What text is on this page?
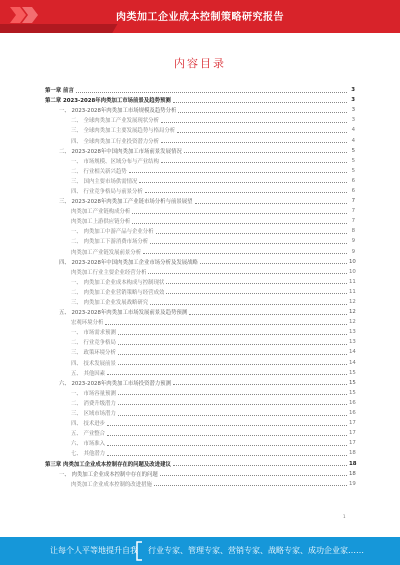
肉类加工企业成本控制策略研究报告
内容目录
第一章 前言	3
第二章 2023-2028年肉类加工市场前景及趋势预测	3
一、 2023-2028年肉类加工市场规模及趋势分析	3
二、 全球肉类加工产业发展现状分析	3
三、 全球肉类加工主要发展趋势与格局分析	4
四、 全球肉类加工行业投资潜力分析	4
二、 2023-2028年中国肉类加工市场前景发展情况	5
一、 市场规模、区域分布与产业结构	5
二、 行业相关新兴趋势	5
三、 国内主要市场供需情况	6
四、 行业竞争格局与前景分析	6
三、 2023-2028年肉类加工产业链市场分析与前景展望	7
肉类加工产业链构成分析	7
肉类加工上游供应链分析	7
一、 肉类加工中游产品与企业分析	8
二、 肉类加工下游消费市场分析	9
肉类加工产业链发展前景分析	9
四、 2023-2028年中国肉类加工企业市场分析及发展战略	10
肉类加工行业主要企业经营分析	10
一、 肉类加工企业成本构成与控制现状	11
二、 肉类加工企业营销策略与经营成效	11
三、 肉类加工企业发展战略研究	12
五、 2023-2028年肉类加工市场发展前景及趋势预测	12
宏观环境分析	12
一、 市场需求预测	13
二、 行业竞争格局	13
三、 政策环境分析	14
四、 技术发展前景	14
五、 其他因素	15
六、 2023-2028年肉类加工市场投资潜力预测	15
一、 市场容量预测	15
二、 消费升级潜力	16
三、 区域市场潜力	16
四、 技术进步	17
五、 产业整合	17
六、 市场准入	17
七、 其他潜力	18
第三章 肉类加工企业成本控制存在的问题及改进建议	18
一、 肉类加工企业成本控制中存在的问题	18
肉类加工企业成本控制的改进措施	19
1
让每个人平等地提升自我 行业专家、管理专家、营销专家、战略专家、成功企业家……
